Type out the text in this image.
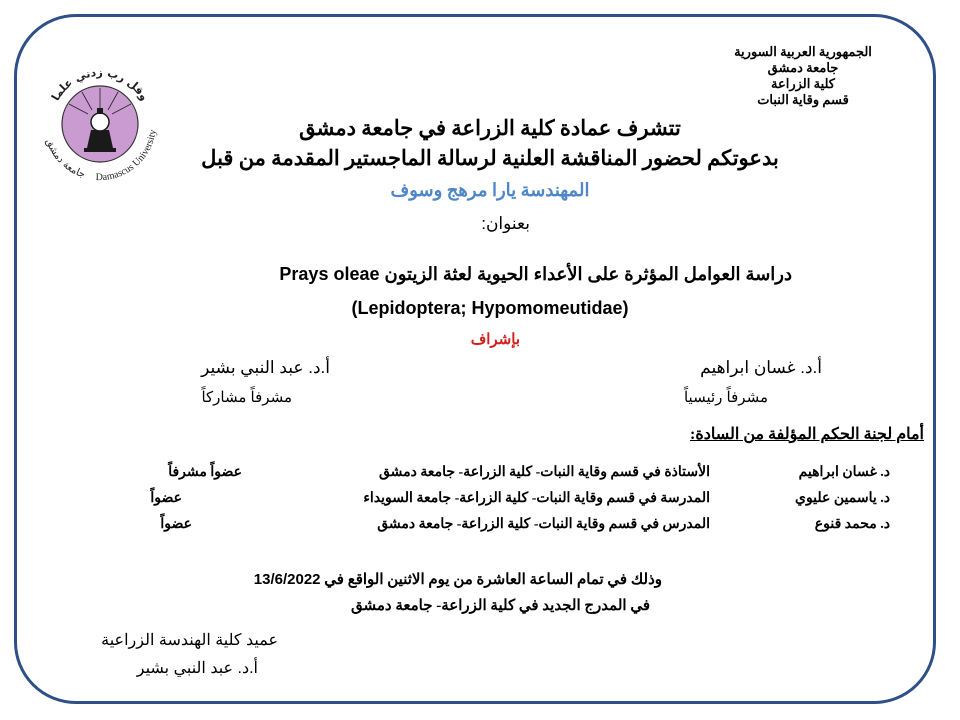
وقل رب زدني علما
جامعة دمشق Damascus University
الجمهورية العربية السورية
جامعة دمشق
كلية الزراعة
قسم وقاية النبات
تتشرف عمادة كلية الزراعة في جامعة دمشق
بدعوتكم لحضور المناقشة العلنية لرسالة الماجستير المقدمة من قبل
المهندسة يارا مرهج وسوف
بعنوان:
دراسة العوامل المؤثرة على الأعداء الحيوية لعثة الزيتون Prays oleae
(Lepidoptera; Hypomomeutidae)
بإشراف
أ.د. غسان ابراهيم
مشرفاً رئيسياً
أ.د. عبد النبي بشير
مشرفاً مشاركاً
أمام لجنة الحكم المؤلفة من السادة:
د. غسان ابراهيم
الأستاذة في قسم وقاية النبات- كلية الزراعة- جامعة دمشق
عضواً مشرفاً
د. ياسمين عليوي
المدرسة في قسم وقاية النبات- كلية الزراعة- جامعة السويداء
عضواً
د. محمد قنوع
المدرس في قسم وقاية النبات- كلية الزراعة- جامعة دمشق
عضواً
وذلك في تمام الساعة العاشرة من يوم الاثنين الواقع في 13/6/2022
في المدرج الجديد في كلية الزراعة- جامعة دمشق
عميد كلية الهندسة الزراعية
أ.د. عبد النبي بشير
